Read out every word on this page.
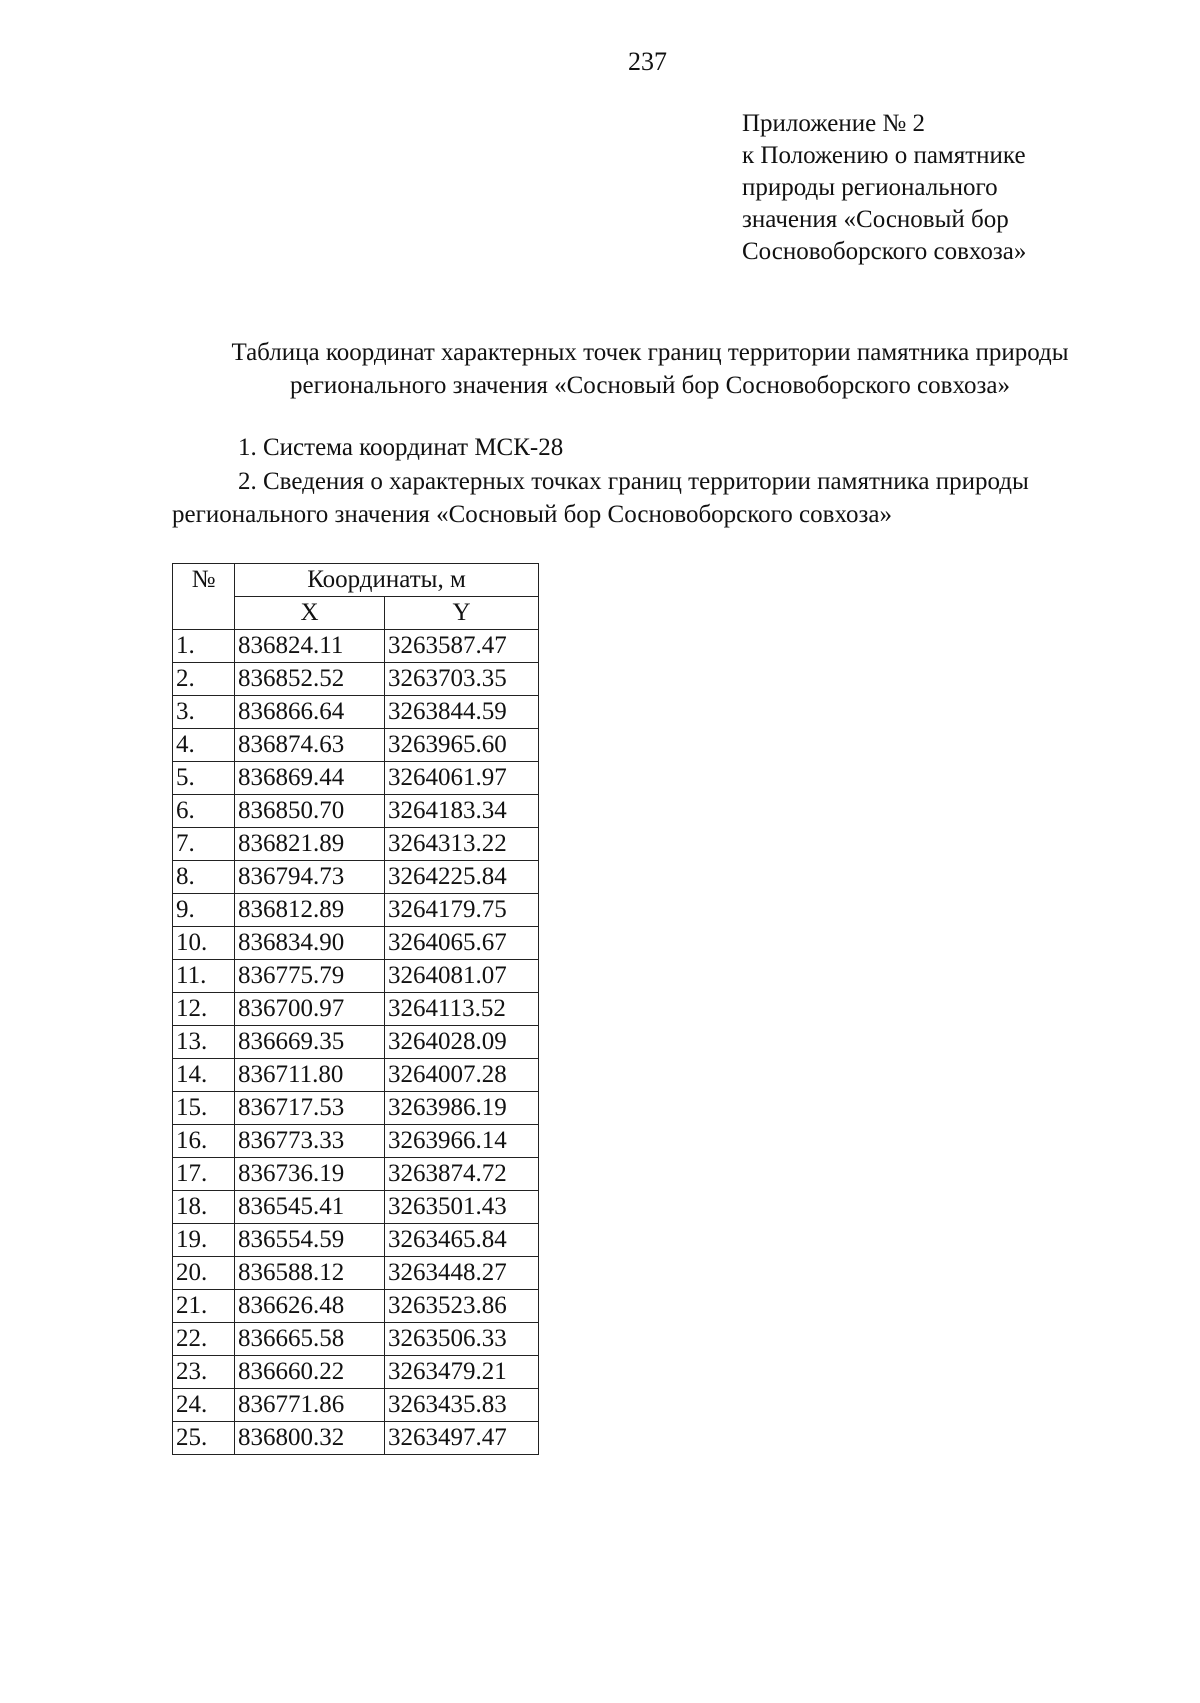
237
Приложение № 2
к Положению о памятнике
природы регионального
значения «Сосновый бор
Сосновоборского совхоза»
Таблица координат характерных точек границ территории памятника природы регионального значения «Сосновый бор Сосновоборского совхоза»
1. Система координат МСК-28
2. Сведения о характерных точках границ территории памятника природы регионального значения «Сосновый бор Сосновоборского совхоза»
№	Координаты, м	
	X	Y
1.	836824.11	3263587.47
2.	836852.52	3263703.35
3.	836866.64	3263844.59
4.	836874.63	3263965.60
5.	836869.44	3264061.97
6.	836850.70	3264183.34
7.	836821.89	3264313.22
8.	836794.73	3264225.84
9.	836812.89	3264179.75
10.	836834.90	3264065.67
11.	836775.79	3264081.07
12.	836700.97	3264113.52
13.	836669.35	3264028.09
14.	836711.80	3264007.28
15.	836717.53	3263986.19
16.	836773.33	3263966.14
17.	836736.19	3263874.72
18.	836545.41	3263501.43
19.	836554.59	3263465.84
20.	836588.12	3263448.27
21.	836626.48	3263523.86
22.	836665.58	3263506.33
23.	836660.22	3263479.21
24.	836771.86	3263435.83
25.	836800.32	3263497.47
